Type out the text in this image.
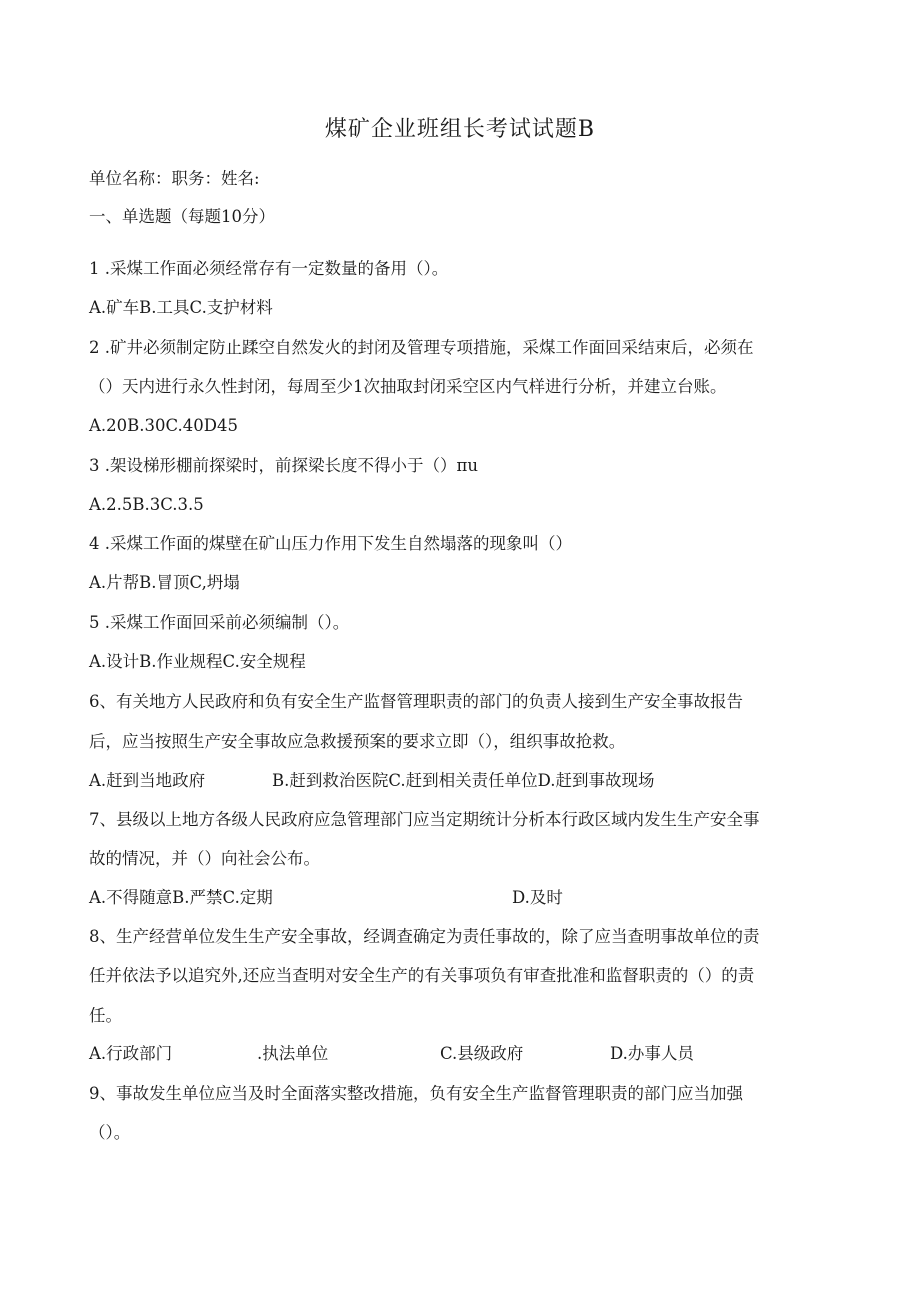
煤矿企业班组长考试试题B
单位名称：职务：姓名:
一、单选题（每题10分）
1 .采煤工作面必须经常存有一定数量的备用（）。
A.矿车B.工具C.支护材料
2 .矿井必须制定防止蹂空自然发火的封闭及管理专项措施，采煤工作面回采结束后，必须在
（）天内进行永久性封闭，每周至少1次抽取封闭采空区内气样进行分析，并建立台账。
A.20B.30C.40D45
3 .架设梯形棚前探梁时，前探梁长度不得小于（）πu
A.2.5B.3C.3.5
4 .采煤工作面的煤壁在矿山压力作用下发生自然塌落的现象叫（）
A.片帮B.冒顶C,坍塌
5 .采煤工作面回采前必须编制（）。
A.设计B.作业规程C.安全规程
6、有关地方人民政府和负有安全生产监督管理职责的部门的负责人接到生产安全事故报告
后，应当按照生产安全事故应急救援预案的要求立即（），组织事故抢救。
A.赶到当地政府	B.赶到救治医院C.赶到相关责任单位D.赶到事故现场
7、县级以上地方各级人民政府应急管理部门应当定期统计分析本行政区域内发生生产安全事
故的情况，并（）向社会公布。
A.不得随意B.严禁C.定期	D.及时
8、生产经营单位发生生产安全事故，经调查确定为责任事故的，除了应当查明事故单位的责
任并依法予以追究外,还应当查明对安全生产的有关事项负有审查批准和监督职责的（）的责
任。
A.行政部门	.执法单位	C.县级政府	D.办事人员
9、事故发生单位应当及时全面落实整改措施，负有安全生产监督管理职责的部门应当加强
（）。
